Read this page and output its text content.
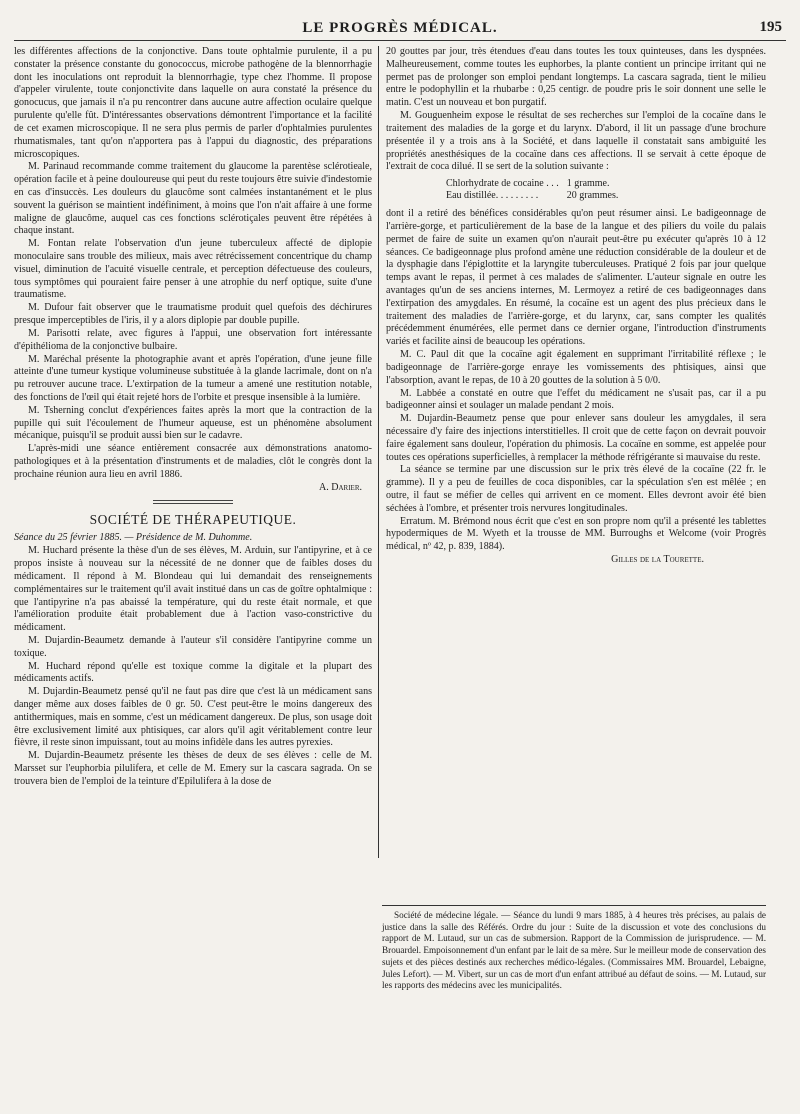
LE PROGRÈS MÉDICAL.	195

les différentes affections de la conjonctive. Dans toute ophtalmie purulente, il a pu constater la présence constante du gonococcus, microbe pathogène de la blennorrhagie dont les inoculations ont reproduit la blennorrhagie, type chez l'homme. Il propose d'appeler virulente, toute conjonctivite dans laquelle on aura constaté la présence du gonocucus, que jamais il n'a pu rencontrer dans aucune autre affection oculaire quelque purulente qu'elle fût. D'intéressantes observations démontrent l'importance et la facilité de cet examen microscopique. Il ne sera plus permis de parler d'ophtalmies purulentes rhumatismales, tant qu'on n'apportera pas à l'appui du diagnostic, des préparations microscopiques.

M. Parinaud recommande comme traitement du glaucome la parentèse sclérotieale, opération facile et à peine douloureuse qui peut du reste toujours être suivie d'indestomie en cas d'insuccès. Les douleurs du glaucôme sont calmées instantanément et le plus souvent la guérison se maintient indéfiniment, à moins que l'on n'ait affaire à une forme maligne de glaucôme, auquel cas ces fonctions sclérotiçales peuvent être répétées à chaque instant.

M. Fontan relate l'observation d'un jeune tuberculeux affecté de diplopie monoculaire sans trouble des milieux, mais avec rétrécissement concentrique du champ visuel, diminution de l'acuité visuelle centrale, et perception défectueuse des couleurs, tous symptômes qui pouraient faire penser à une atrophie du nerf optique, suite d'une traumatisme.

M. Dufour fait observer que le traumatisme produit quel quefois des déchirures presque imperceptibles de l'iris, il y a alors diplopie par double pupille.

M. Parisotti relate, avec figures à l'appui, une observation fort intéressante d'épithélioma de la conjonctive bulbaire.

M. Maréchal présente la photographie avant et après l'opération, d'une jeune fille atteinte d'une tumeur kystique volumineuse substituée à la glande lacrimale, dont on n'a pu retrouver aucune trace. L'extirpation de la tumeur a amené une restitution notable, des fonctions de l'œil qui était rejeté hors de l'orbite et presque insensible à la lumière.

M. Tsherning conclut d'expériences faites après la mort que la contraction de la pupille qui suit l'écoulement de l'humeur aqueuse, est un phénomène absolument mécanique, puisqu'il se produit aussi bien sur le cadavre.

L'après-midi une séance entièrement consacrée aux démonstrations anatomo-pathologiques et à la présentation d'instruments et de maladies, clôt le congrès dont la prochaine réunion aura lieu en avril 1886.

A. Darier.
SOCIÉTÉ DE THÉRAPEUTIQUE.

Séance du 25 février 1885. — Présidence de M. Duhomme.

M. Huchard présente la thèse d'un de ses élèves, M. Arduin, sur l'antipyrine, et à ce propos insiste à nouveau sur la nécessité de ne donner que de faibles doses du médicament. Il répond à M. Blondeau qui lui demandait des renseignements complémentaires sur le traitement qu'il avait institué dans un cas de goître ophtalmique : que l'antipyrine n'a pas abaissé la température, qui du reste était normale, et que l'amélioration produite était probablement due à l'action vaso-constrictive du médicament.

M. Dujardin-Beaumetz demande à l'auteur s'il considère l'antipyrine comme un toxique.

M. Huchard répond qu'elle est toxique comme la digitale et la plupart des médicaments actifs.

M. Dujardin-Beaumetz pensé qu'il ne faut pas dire que c'est là un médicament sans danger même aux doses faibles de 0 gr. 50. C'est peut-être le moins dangereux des antithermiques, mais en somme, c'est un médicament dangereux. De plus, son usage doit être exclusivement limité aux phtisiques, car alors qu'il agit véritablement contre leur fièvre, il reste sinon impuissant, tout au moins infidèle dans les autres pyrexies.

M. Dujardin-Beaumetz présente les thèses de deux de ses élèves : celle de M. Marsset sur l'euphorbia pilulifera, et celle de M. Emery sur la cascara sagrada. On se trouvera bien de l'emploi de la teinture d'Epilulifera à la dose de

20 gouttes par jour, très étendues d'eau dans toutes les toux quinteuses, dans les dyspnées. Malheureusement, comme toutes les euphorbes, la plante contient un principe irritant qui ne permet pas de prolonger son emploi pendant longtemps. La cascara sagrada, tient le milieu entre le podophyllin et la rhubarbe : 0,25 centigr. de poudre pris le soir donnent une selle le matin. C'est un nouveau et bon purgatif.

M. Gouguenheim expose le résultat de ses recherches sur l'emploi de la cocaïne dans le traitement des maladies de la gorge et du larynx. D'abord, il lit un passage d'une brochure présentée il y a trois ans à la Société, et dans laquelle il constatait sans ambiguité les propriétés anesthésiques de la cocaïne dans ces affections. Il se servait à cette époque de l'extrait de coca dilué. Il se sert de la solution suivante :

Chlorhydrate de cocaine . . .	1 gramme.
Eau distillée. . . . . . . . .	20 grammes.

dont il a retiré des bénéfices considérables qu'on peut résumer ainsi. Le badigeonnage de l'arrière-gorge, et particulièrement de la base de la langue et des piliers du voile du palais permet de faire de suite un examen qu'on n'aurait peut-être pu exécuter qu'après 10 à 12 séances. Ce badigeonnage plus profond amène une réduction considérable de la douleur et de la dysphagie dans l'épiglottite et la laryngite tuberculeuses. Pratiqué 2 fois par jour quelque temps avant le repas, il permet à ces malades de s'alimenter. L'auteur signale en outre les avantages qu'un de ses anciens internes, M. Lermoyez a retiré de ces badigeonnages dans l'extirpation des amygdales. En résumé, la cocaïne est un agent des plus précieux dans le traitement des maladies de l'arrière-gorge, et du larynx, car, sans compter les qualités précédemment énumérées, elle permet dans ce dernier organe, l'introduction d'instruments variés et facilite ainsi de beaucoup les opérations.

M. C. Paul dit que la cocaïne agit également en supprimant l'irritabilité réflexe ; le badigeonnage de l'arrière-gorge enraye les vomissements des phtisiques, ainsi que l'absorption, avant le repas, de 10 à 20 gouttes de la solution à 5 0/0.

M. Labbée a constaté en outre que l'effet du médicament ne s'usait pas, car il a pu badigeonner ainsi et soulager un malade pendant 2 mois.

M. Dujardin-Beaumetz pense que pour enlever sans douleur les amygdales, il sera nécessaire d'y faire des injections interstitielles. Il croit que de cette façon on devrait pouvoir faire également sans douleur, l'opération du phimosis. La cocaïne en somme, est appelée pour toutes ces opérations superficielles, à remplacer la méthode réfrigérante si mauvaise du reste.

La séance se termine par une discussion sur le prix très élevé de la cocaïne (22 fr. le gramme). Il y a peu de feuilles de coca disponibles, car la spéculation s'en est mêlée ; en outre, il faut se méfier de celles qui arrivent en ce moment. Elles devront avoir été bien séchées à l'ombre, et présenter trois nervures longitudinales.

Erratum. M. Brémond nous écrit que c'est en son propre nom qu'il a présenté les tablettes hypodermiques de M. Wyeth et la trousse de MM. Burroughs et Welcome (voir Progrès médical, nº 42, p. 839, 1884).

Gilles de la Tourette.

Société de médecine légale. — Séance du lundi 9 mars 1885, à 4 heures très précises, au palais de justice dans la salle des Référés. Ordre du jour : Suite de la discussion et vote des conclusions du rapport de M. Lutaud, sur un cas de submersion. Rapport de la Commission de jurisprudence. — M. Brouardel. Empoisonnement d'un enfant par le lait de sa mère. Sur le meilleur mode de conservation des sujets et des pièces destinés aux recherches médico-légales. (Commissaires MM. Brouardel, Lebaigne, Jules Lefort). — M. Vibert, sur un cas de mort d'un enfant attribué au défaut de soins. — M. Lutaud, sur les rapports des médecins avec les municipalités.
